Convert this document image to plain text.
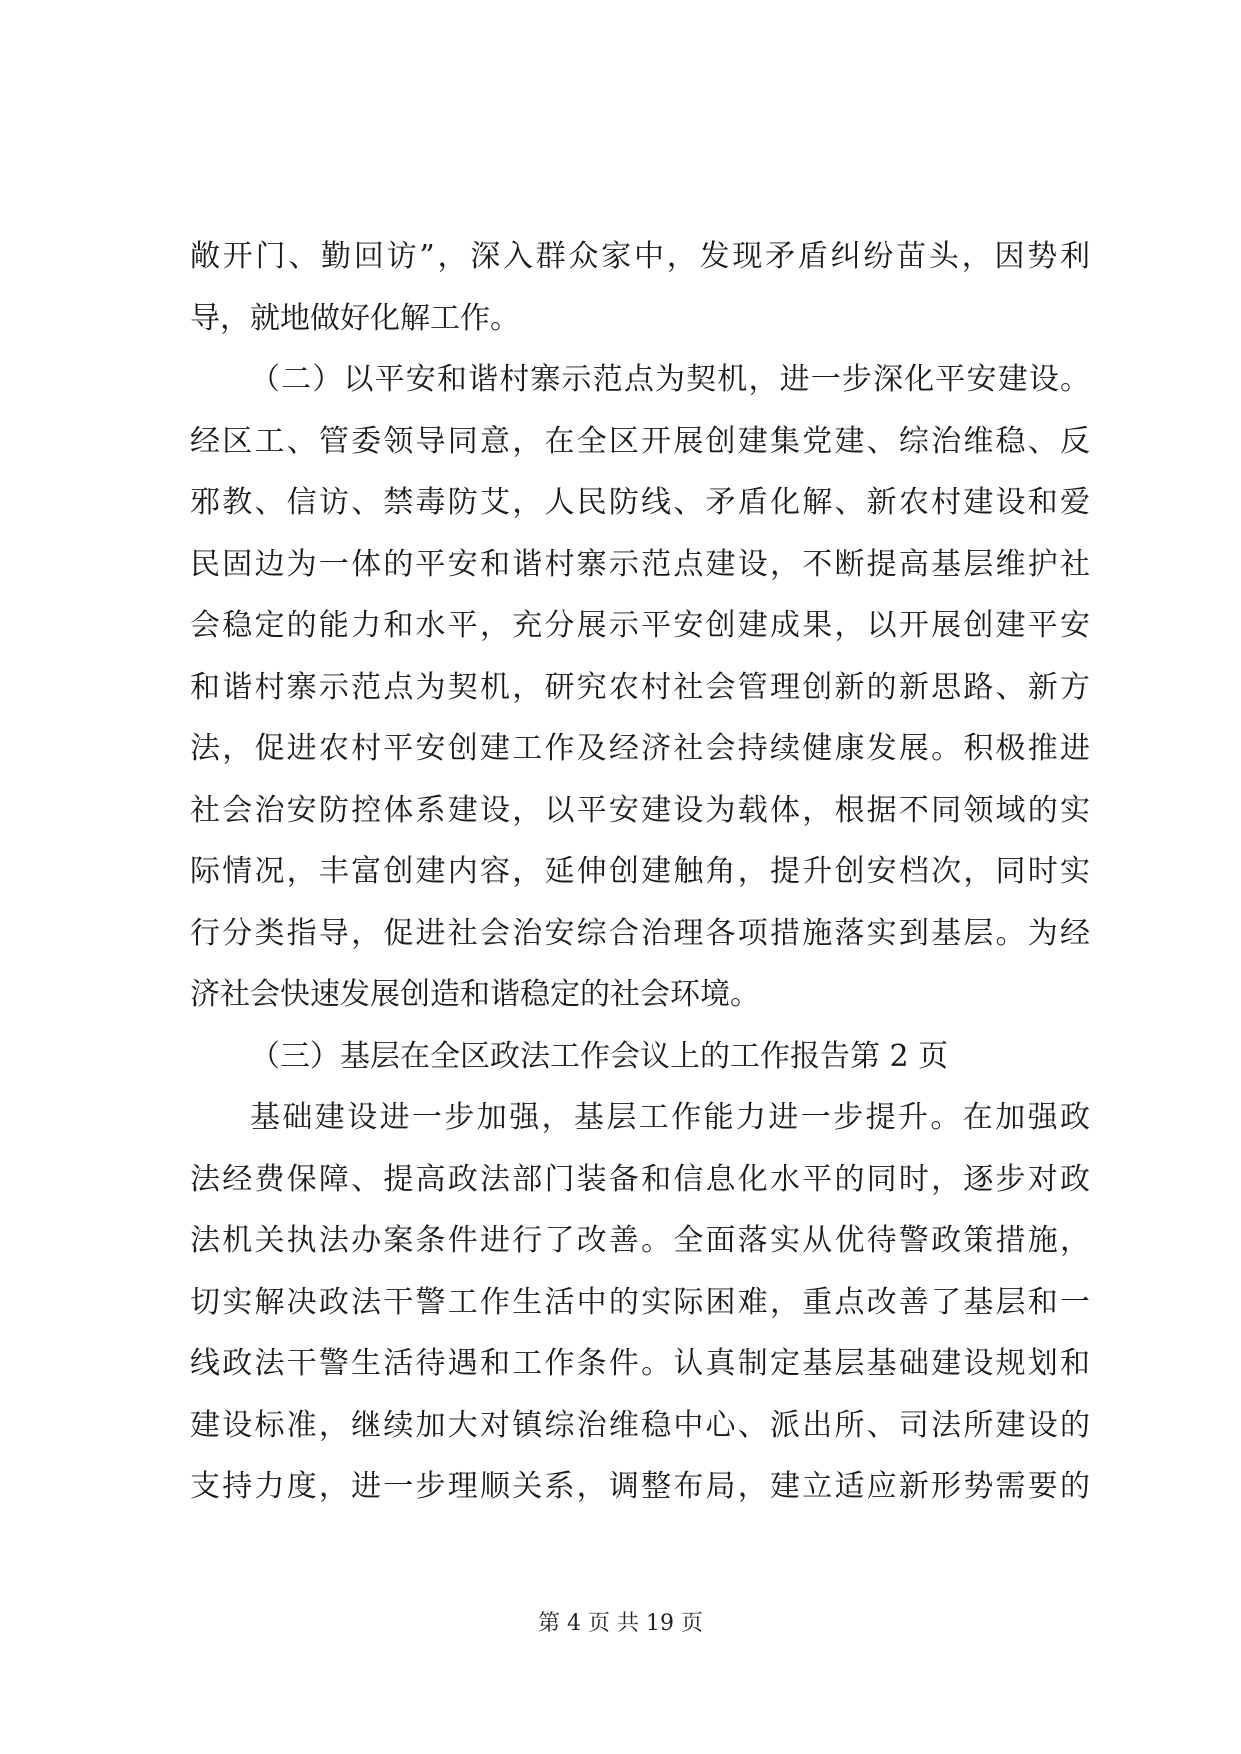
敞开门、勤回访”，深入群众家中，发现矛盾纠纷苗头，因势利
导，就地做好化解工作。
（二）以平安和谐村寨示范点为契机，进一步深化平安建设。
经区工、管委领导同意，在全区开展创建集党建、综治维稳、反
邪教、信访、禁毒防艾，人民防线、矛盾化解、新农村建设和爱
民固边为一体的平安和谐村寨示范点建设，不断提高基层维护社
会稳定的能力和水平，充分展示平安创建成果，以开展创建平安
和谐村寨示范点为契机，研究农村社会管理创新的新思路、新方
法，促进农村平安创建工作及经济社会持续健康发展。积极推进
社会治安防控体系建设，以平安建设为载体，根据不同领域的实
际情况，丰富创建内容，延伸创建触角，提升创安档次，同时实
行分类指导，促进社会治安综合治理各项措施落实到基层。为经
济社会快速发展创造和谐稳定的社会环境。
（三）基层在全区政法工作会议上的工作报告第 2 页
基础建设进一步加强，基层工作能力进一步提升。在加强政
法经费保障、提高政法部门装备和信息化水平的同时，逐步对政
法机关执法办案条件进行了改善。全面落实从优待警政策措施，
切实解决政法干警工作生活中的实际困难，重点改善了基层和一
线政法干警生活待遇和工作条件。认真制定基层基础建设规划和
建设标准，继续加大对镇综治维稳中心、派出所、司法所建设的
支持力度，进一步理顺关系，调整布局，建立适应新形势需要的
第 4 页 共 19 页
